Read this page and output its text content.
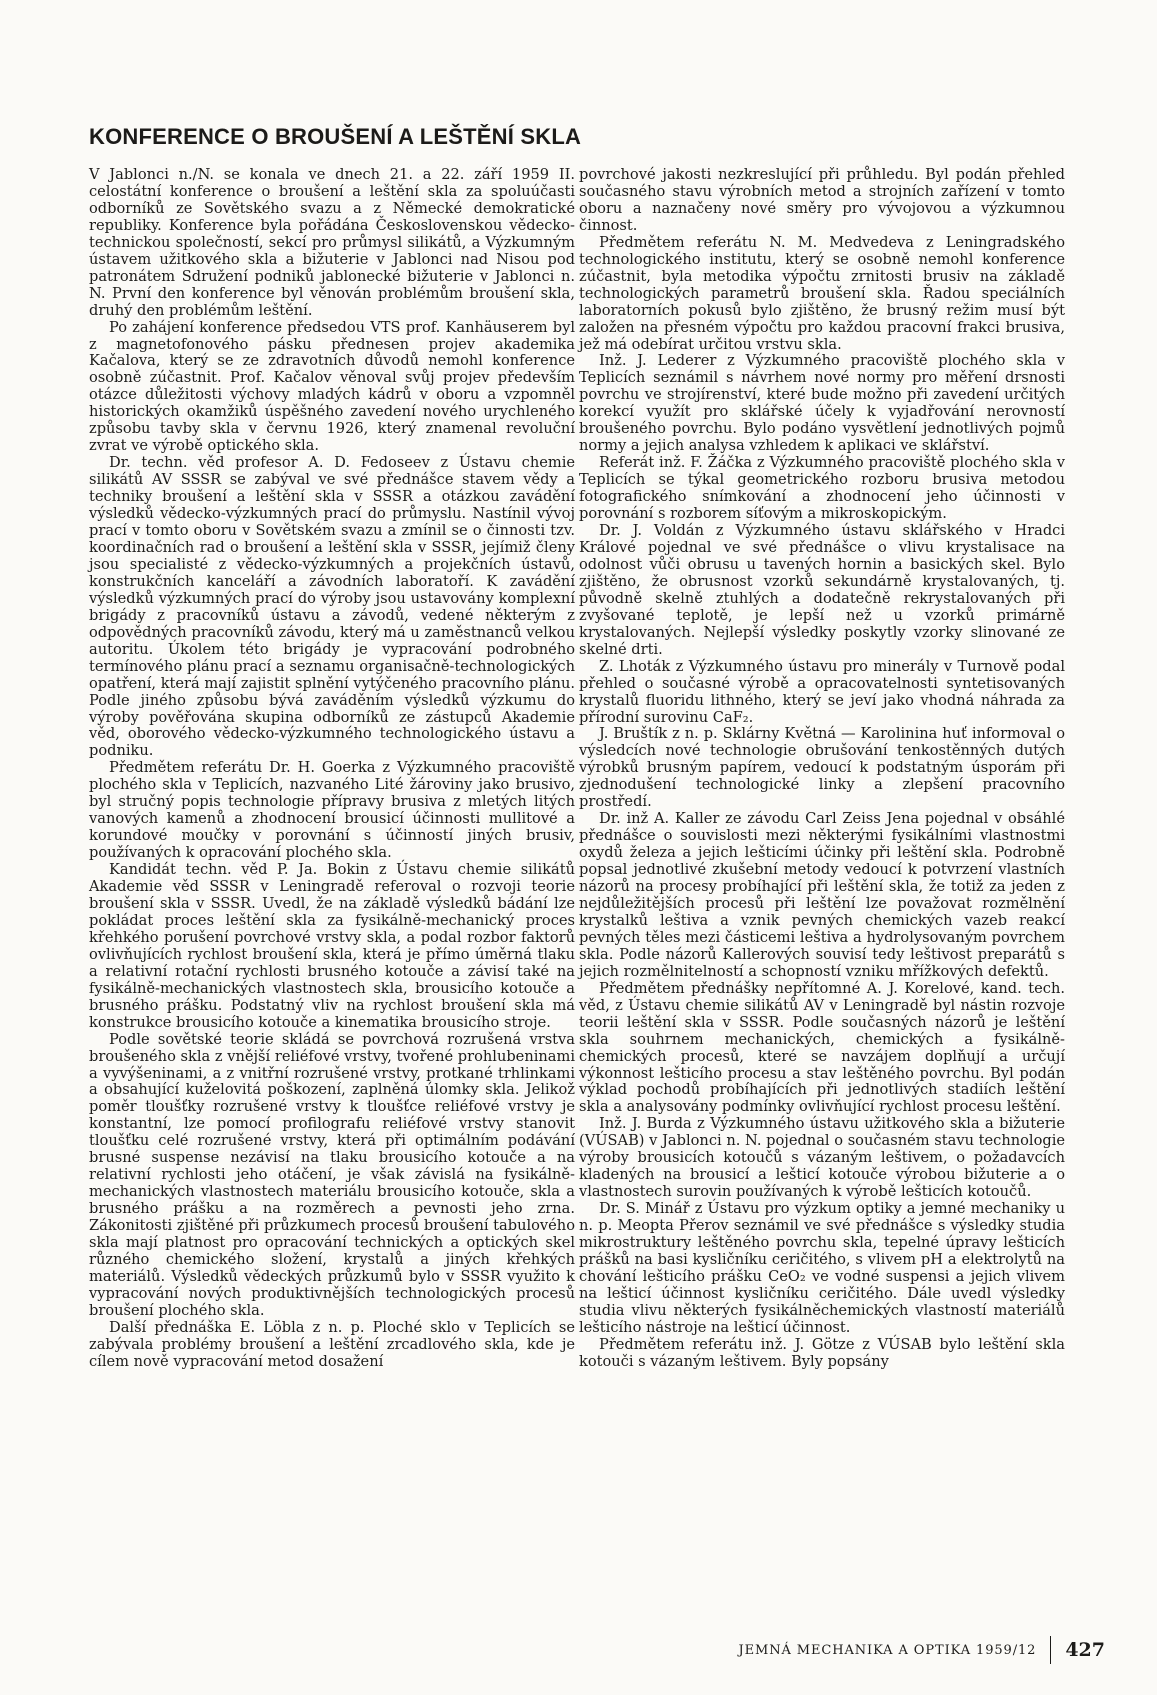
KONFERENCE O BROUŠENÍ A LEŠTĚNÍ SKLA

V Jablonci n./N. se konala ve dnech 21. a 22. září 1959 II. celostátní konference o broušení a leštění skla za spoluúčasti odborníků ze Sovětského svazu a z Německé demokratické republiky. Konference byla pořádána Československou vědecko-technickou společností, sekcí pro průmysl silikátů, a Výzkumným ústavem užitkového skla a bižuterie v Jablonci nad Nisou pod patronátem Sdružení podniků jablonecké bižuterie v Jablonci n. N. První den konference byl věnován problémům broušení skla, druhý den problémům leštění.

Po zahájení konference předsedou VTS prof. Kanhäuserem byl z magnetofonového pásku přednesen projev akademika Kačalova, který se ze zdravotních důvodů nemohl konference osobně zúčastnit. Prof. Kačalov věnoval svůj projev především otázce důležitosti výchovy mladých kádrů v oboru a vzpomněl historických okamžiků úspěšného zavedení nového urychleného způsobu tavby skla v červnu 1926, který znamenal revoluční zvrat ve výrobě optického skla.

Dr. techn. věd profesor A. D. Fedosеev z Ústavu chemie silikátů AV SSSR se zabýval ve své přednášce stavem vědy a techniky broušení a leštění skla v SSSR a otázkou zavádění výsledků vědecko-výzkumných prací do průmyslu. Nastínil vývoj prací v tomto oboru v Sovětském svazu a zmínil se o činnosti tzv. koordinačních rad o broušení a leštění skla v SSSR, jejímiž členy jsou specialisté z vědecko-výzkumných a projekčních ústavů, konstrukčních kanceláří a závodních laboratoří. K zavádění výsledků výzkumných prací do výroby jsou ustavovány komplexní brigády z pracovníků ústavu a závodů, vedené některým z odpovědných pracovníků závodu, který má u zaměstnanců velkou autoritu. Úkolem této brigády je vypracování podrobného termínového plánu prací a seznamu organisačně-technologických opatření, která mají zajistit splnění vytýčeného pracovního plánu. Podle jiného způsobu bývá zaváděním výsledků výzkumu do výroby pověřována skupina odborníků ze zástupců Akademie věd, oborového vědecko-výzkumného technologického ústavu a podniku.

Předmětem referátu Dr. H. Goerka z Výzkumného pracoviště plochého skla v Teplicích, nazvaného Lité žároviny jako brusivo, byl stručný popis technologie přípravy brusiva z mletých litých vanových kamenů a zhodnocení brousicí účinnosti mullitové a korundové moučky v porovnání s účinností jiných brusiv, používaných k opracování plochého skla.

Kandidát techn. věd P. Ja. Bokin z Ústavu chemie silikátů Akademie věd SSSR v Leningradě referoval o rozvoji teorie broušení skla v SSSR. Uvedl, že na základě výsledků bádání lze pokládat proces leštění skla za fysikálně-mechanický proces křehkého porušení povrchové vrstvy skla, a podal rozbor faktorů ovlivňujících rychlost broušení skla, která je přímo úměrná tlaku a relativní rotační rychlosti brusného kotouče a závisí také na fysikálně-mechanických vlastnostech skla, brousicího kotouče a brusného prášku. Podstatný vliv na rychlost broušení skla má konstrukce brousicího kotouče a kinematika brousicího stroje.

Podle sovětské teorie skládá se povrchová rozrušená vrstva broušeného skla z vnější reliéfové vrstvy, tvořené prohlubeninami a vyvýšeninami, a z vnitřní rozrušené vrstvy, protkané trhlinkami a obsahující kuželovitá poškození, zaplněná úlomky skla. Jelikož poměr tloušťky rozrušené vrstvy k tloušťce reliéfové vrstvy je konstantní, lze pomocí profilografu reliéfové vrstvy stanovit tloušťku celé rozrušené vrstvy, která při optimálním podávání brusné suspense nezávisí na tlaku brousicího kotouče a na relativní rychlosti jeho otáčení, je však závislá na fysikálně-mechanických vlastnostech materiálu brousicího kotouče, skla a brusného prášku a na rozměrech a pevnosti jeho zrna. Zákonitosti zjištěné při průzkumech procesů broušení tabulového skla mají platnost pro opracování technických a optických skel různého chemického složení, krystalů a jiných křehkých materiálů. Výsledků vědeckých průzkumů bylo v SSSR využito k vypracování nových produktivnějších technologických procesů broušení plochého skla.

Další přednáška E. Löbla z n. p. Ploché sklo v Teplicích se zabývala problémy broušení a leštění zrcadlového skla, kde je cílem nově vypracování metod dosažení

povrchové jakosti nezkreslující při průhledu. Byl podán přehled současného stavu výrobních metod a strojních zařízení v tomto oboru a naznačeny nové směry pro vývojovou a výzkumnou činnost.

Předmětem referátu N. M. Medvedeva z Leningradského technologického institutu, který se osobně nemohl konference zúčastnit, byla metodika výpočtu zrnitosti brusiv na základě technologických parametrů broušení skla. Řadou speciálních laboratorních pokusů bylo zjištěno, že brusný režim musí být založen na přesném výpočtu pro každou pracovní frakci brusiva, jež má odebírat určitou vrstvu skla.

Inž. J. Lederer z Výzkumného pracoviště plochého skla v Teplicích seznámil s návrhem nové normy pro měření drsnosti povrchu ve strojírenství, které bude možno při zavedení určitých korekcí využít pro sklářské účely k vyjadřování nerovností broušeného povrchu. Bylo podáno vysvětlení jednotlivých pojmů normy a jejich analysa vzhledem k aplikaci ve sklářství.

Referát inž. F. Žáčka z Výzkumného pracoviště plochého skla v Teplicích se týkal geometrického rozboru brusiva metodou fotografického snímkování a zhodnocení jeho účinnosti v porovnání s rozborem síťovým a mikroskopickým.

Dr. J. Voldán z Výzkumného ústavu sklářského v Hradci Králové pojednal ve své přednášce o vlivu krystalisace na odolnost vůči obrusu u tavených hornin a basických skel. Bylo zjištěno, že obrusnost vzorků sekundárně krystalovaných, tj. původně skelně ztuhlých a dodatečně rekrystalovaných při zvyšované teplotě, je lepší než u vzorků primárně krystalovaných. Nejlepší výsledky poskytly vzorky slinované ze skelné drti.

Z. Lhoták z Výzkumného ústavu pro minerály v Turnově podal přehled o současné výrobě a opracovatelnosti syntetisovaných krystalů fluoridu lithného, který se jeví jako vhodná náhrada za přírodní surovinu CaF₂.

J. Bruštík z n. p. Sklárny Květná — Karolinina huť informoval o výsledcích nové technologie obrušování tenkostěnných dutých výrobků brusným papírem, vedoucí k podstatným úsporám při zjednodušení technologické linky a zlepšení pracovního prostředí.

Dr. inž A. Kaller ze závodu Carl Zeiss Jena pojednal v obsáhlé přednášce o souvislosti mezi některými fysikálními vlastnostmi oxydů železa a jejich lešticími účinky při leštění skla. Podrobně popsal jednotlivé zkušební metody vedoucí k potvrzení vlastních názorů na procesy probíhající při leštění skla, že totiž za jeden z nejdůležitějších procesů při leštění lze považovat rozmělnění krystalků leštiva a vznik pevných chemických vazeb reakcí pevných těles mezi částicemi leštiva a hydrolysovaným povrchem skla. Podle názorů Kallerových souvisí tedy leštivost preparátů s jejich rozmělnitelností a schopností vzniku mřížkových defektů.

Předmětem přednášky nepřítomné A. J. Korelové, kand. tech. věd, z Ústavu chemie silikátů AV v Leningradě byl nástin rozvoje teorii leštění skla v SSSR. Podle současných názorů je leštění skla souhrnem mechanických, chemických a fysikálně-chemických procesů, které se navzájem doplňují a určují výkonnost lešticího procesu a stav leštěného povrchu. Byl podán výklad pochodů probíhajících při jednotlivých stadiích leštění skla a analysovány podmínky ovlivňující rychlost procesu leštění.

Inž. J. Burda z Výzkumného ústavu užitkového skla a bižuterie (VÚSAB) v Jablonci n. N. pojednal o současném stavu technologie výroby brousicích kotoučů s vázaným leštivem, o požadavcích kladených na brousicí a lešticí kotouče výrobou bižuterie a o vlastnostech surovin používaných k výrobě lešticích kotoučů.

Dr. S. Minář z Ústavu pro výzkum optiky a jemné mechaniky u n. p. Meopta Přerov seznámil ve své přednášce s výsledky studia mikrostruktury leštěného povrchu skla, tepelné úpravy lešticích prášků na basi kysličníku ceričitého, s vlivem pH a elektrolytů na chování lešticího prášku CeO₂ ve vodné suspensi a jejich vlivem na lešticí účinnost kysličníku ceričitého. Dále uvedl výsledky studia vlivu některých fysikálněchemických vlastností materiálů lešticího nástroje na lešticí účinnost.

Předmětem referátu inž. J. Götze z VÚSAB bylo leštění skla kotouči s vázaným leštivem. Byly popsány

JEMNÁ MECHANIKA A OPTIKA 1959/12 427
